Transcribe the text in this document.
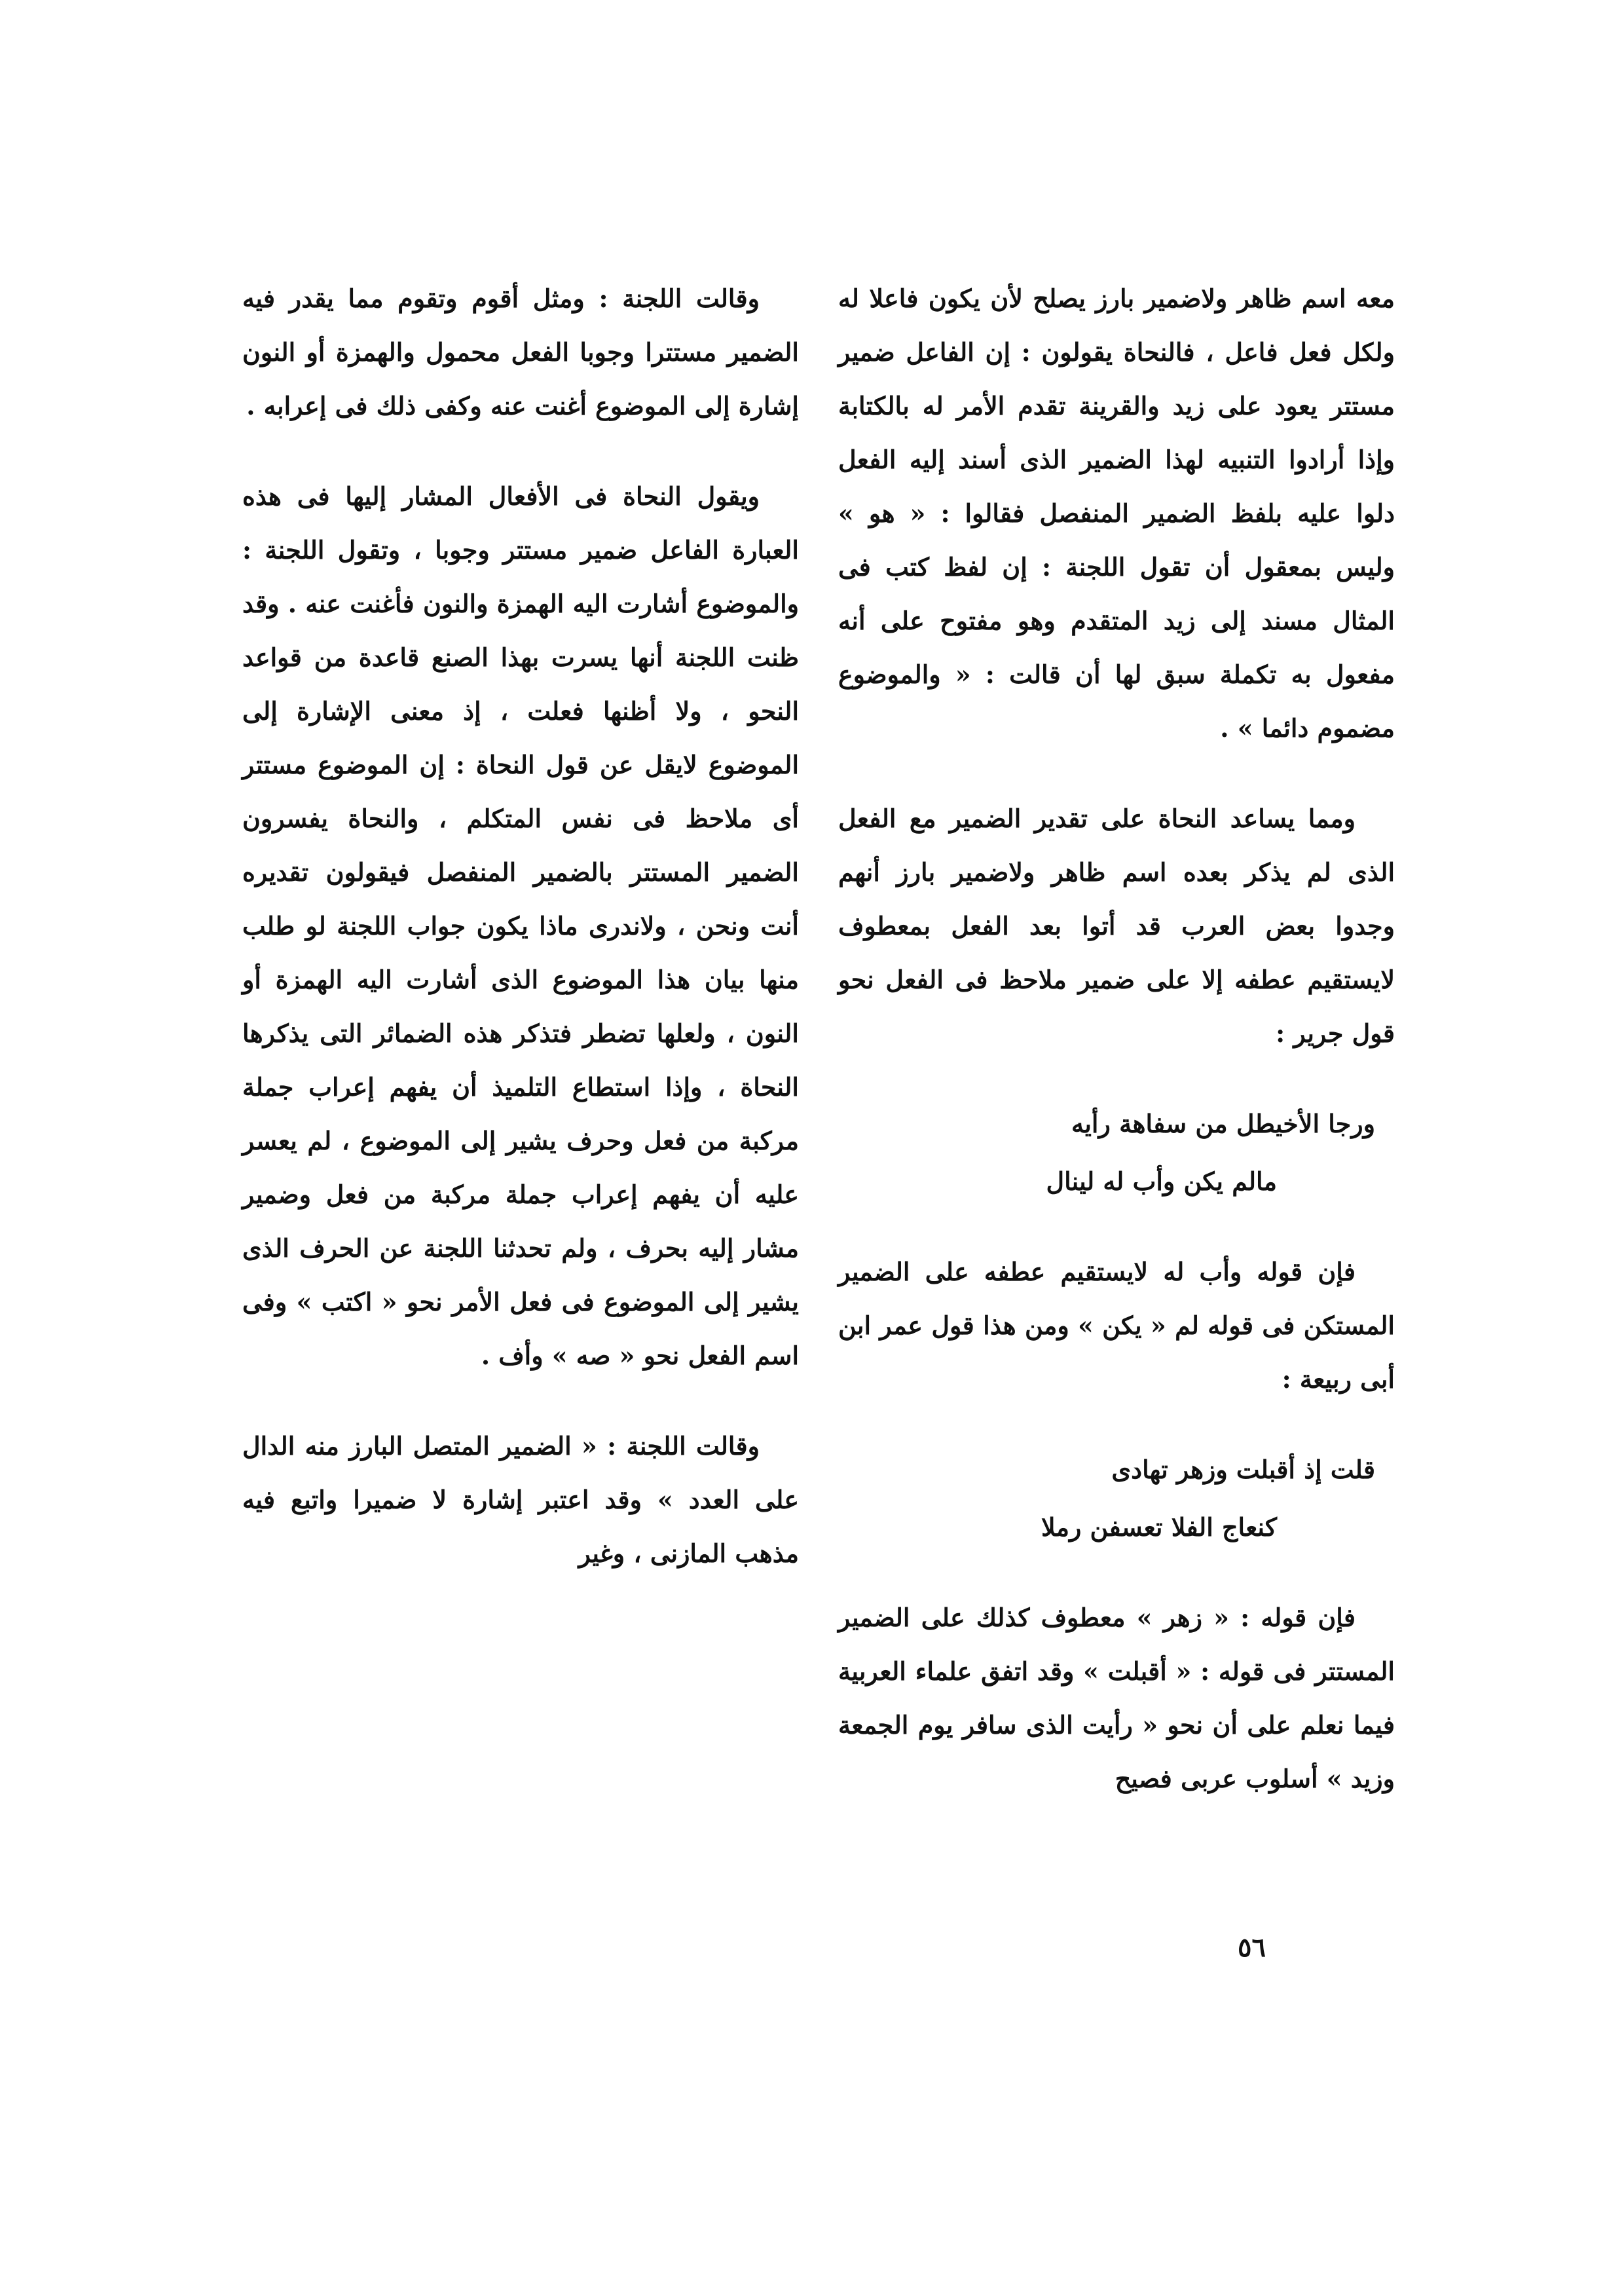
معه اسم ظاهر ولاضمير بارز يصلح لأن يكون فاعلا له ولكل فعل فاعل ، فالنحاة يقولون : إن الفاعل ضمير مستتر يعود على زيد والقرينة تقدم الأمر له بالكتابة وإذا أرادوا التنبيه لهذا الضمير الذى أسند إليه الفعل دلوا عليه بلفظ الضمير المنفصل فقالوا : « هو » وليس بمعقول أن تقول اللجنة : إن لفظ كتب فى المثال مسند إلى زيد المتقدم وهو مفتوح على أنه مفعول به تكملة سبق لها أن قالت : « والموضوع مضموم دائما » .

ومما يساعد النحاة على تقدير الضمير مع الفعل الذى لم يذكر بعده اسم ظاهر ولاضمير بارز أنهم وجدوا بعض العرب قد أتوا بعد الفعل بمعطوف لايستقيم عطفه إلا على ضمير ملاحظ فى الفعل نحو قول جرير :

ورجا الأخيطل من سفاهة رأيه
مالم يكن وأب له لينال

فإن قوله وأب له لايستقيم عطفه على الضمير المستكن فى قوله لم « يكن » ومن هذا قول عمر ابن أبى ربيعة :

قلت إذ أقبلت وزهر تهادى
كنعاج الفلا تعسفن رملا

فإن قوله : « زهر » معطوف كذلك على الضمير المستتر فى قوله : « أقبلت » وقد اتفق علماء العربية فيما نعلم على أن نحو « رأيت الذى سافر يوم الجمعة وزيد » أسلوب عربى فصيح

وقالت اللجنة : ومثل أقوم وتقوم مما يقدر فيه الضمير مستترا وجوبا الفعل محمول والهمزة أو النون إشارة إلى الموضوع أغنت عنه وكفى ذلك فى إعرابه .

ويقول النحاة فى الأفعال المشار إليها فى هذه العبارة الفاعل ضمير مستتر وجوبا ، وتقول اللجنة : والموضوع أشارت اليه الهمزة والنون فأغنت عنه . وقد ظنت اللجنة أنها يسرت بهذا الصنع قاعدة من قواعد النحو ، ولا أظنها فعلت ، إذ معنى الإشارة إلى الموضوع لايقل عن قول النحاة : إن الموضوع مستتر أى ملاحظ فى نفس المتكلم ، والنحاة يفسرون الضمير المستتر بالضمير المنفصل فيقولون تقديره أنت ونحن ، ولاندرى ماذا يكون جواب اللجنة لو طلب منها بيان هذا الموضوع الذى أشارت اليه الهمزة أو النون ، ولعلها تضطر فتذكر هذه الضمائر التى يذكرها النحاة ، وإذا استطاع التلميذ أن يفهم إعراب جملة مركبة من فعل وحرف يشير إلى الموضوع ، لم يعسر عليه أن يفهم إعراب جملة مركبة من فعل وضمير مشار إليه بحرف ، ولم تحدثنا اللجنة عن الحرف الذى يشير إلى الموضوع فى فعل الأمر نحو « اكتب » وفى اسم الفعل نحو « صه » وأف .

وقالت اللجنة : « الضمير المتصل البارز منه الدال على العدد » وقد اعتبر إشارة لا ضميرا واتبع فيه مذهب المازنى ، وغير

٥٦
